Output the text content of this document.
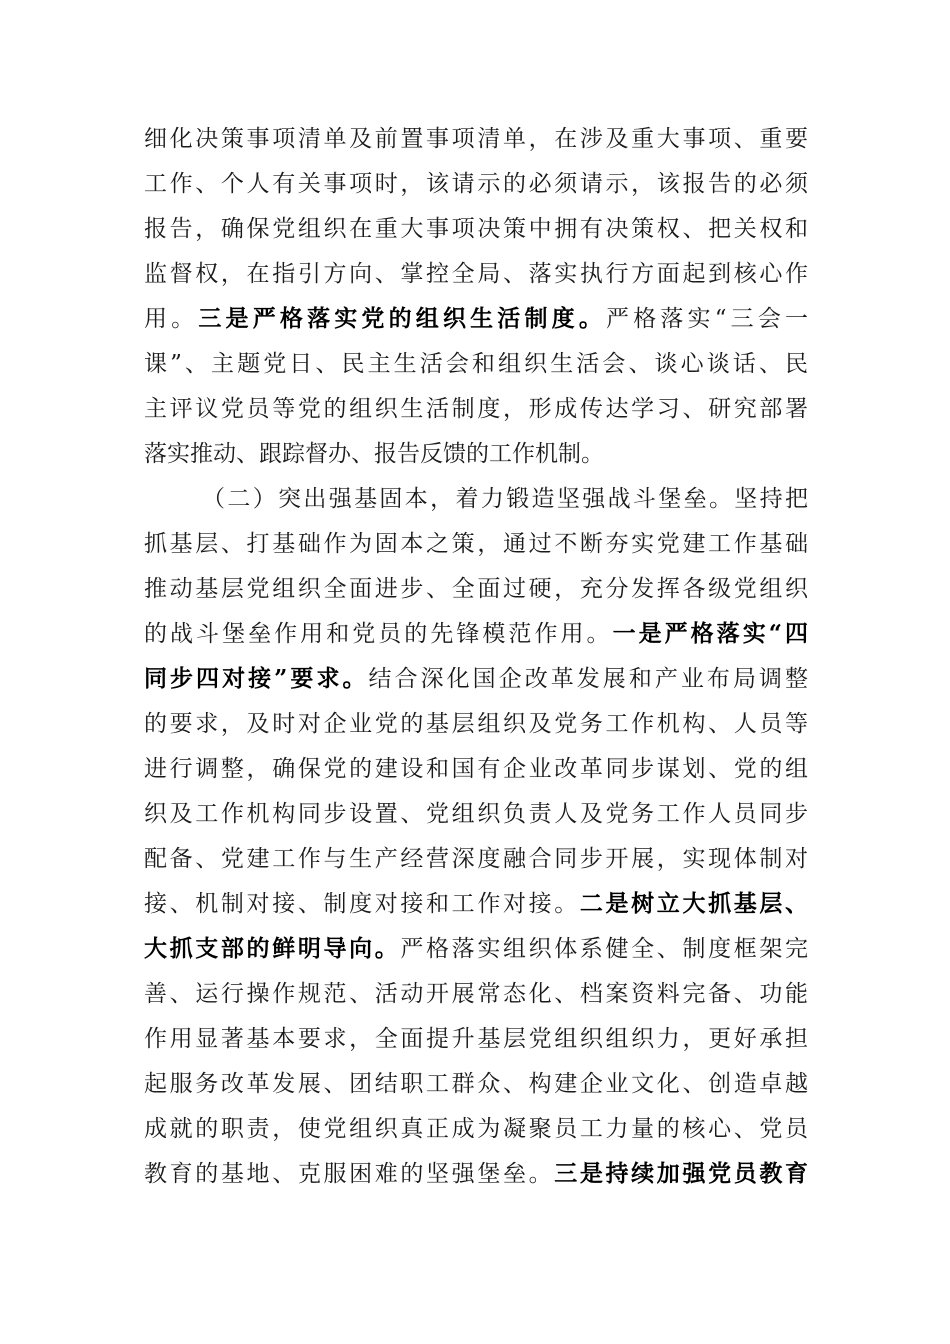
细化决策事项清单及前置事项清单，在涉及重大事项、重要
工作、个人有关事项时，该请示的必须请示，该报告的必须
报告，确保党组织在重大事项决策中拥有决策权、把关权和
监督权，在指引方向、掌控全局、落实执行方面起到核心作
用。三是严格落实党的组织生活制度。严格落实“三会一
课”、主题党日、民主生活会和组织生活会、谈心谈话、民
主评议党员等党的组织生活制度，形成传达学习、研究部署
落实推动、跟踪督办、报告反馈的工作机制。
（二）突出强基固本，着力锻造坚强战斗堡垒。坚持把
抓基层、打基础作为固本之策，通过不断夯实党建工作基础
推动基层党组织全面进步、全面过硬，充分发挥各级党组织
的战斗堡垒作用和党员的先锋模范作用。一是严格落实“四
同步四对接”要求。结合深化国企改革发展和产业布局调整
的要求，及时对企业党的基层组织及党务工作机构、人员等
进行调整，确保党的建设和国有企业改革同步谋划、党的组
织及工作机构同步设置、党组织负责人及党务工作人员同步
配备、党建工作与生产经营深度融合同步开展，实现体制对
接、机制对接、制度对接和工作对接。二是树立大抓基层、
大抓支部的鲜明导向。严格落实组织体系健全、制度框架完
善、运行操作规范、活动开展常态化、档案资料完备、功能
作用显著基本要求，全面提升基层党组织组织力，更好承担
起服务改革发展、团结职工群众、构建企业文化、创造卓越
成就的职责，使党组织真正成为凝聚员工力量的核心、党员
教育的基地、克服困难的坚强堡垒。三是持续加强党员教育
